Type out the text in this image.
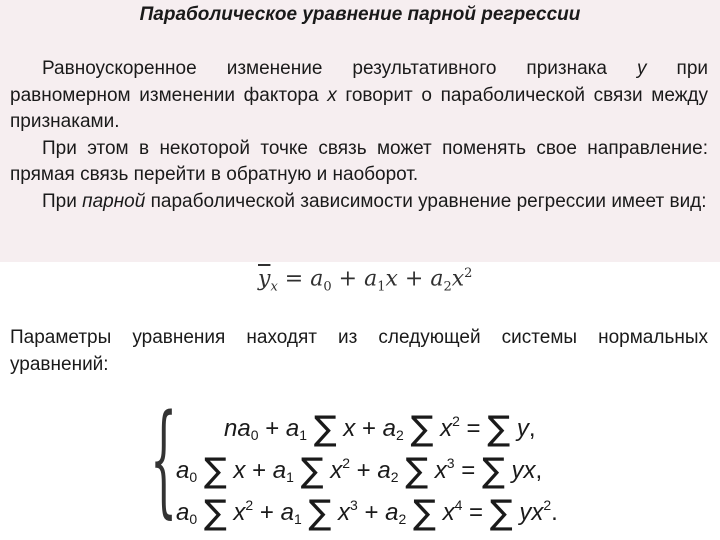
Параболическое уравнение парной регрессии
Равноускоренное изменение результативного признака у при равномерном изменении фактора х говорит о параболической связи между признаками.
При этом в некоторой точке связь может поменять свое направление: прямая связь перейти в обратную и наоборот.
При парной параболической зависимости уравнение регрессии имеет вид:
$\overline{y}_x = a_0 + a_1x + a_2x^2$
Параметры уравнения находят из следующей системы нормальных уравнений:
{ $na_0 + a_1$ ∑ $x + a_2$ ∑ $x^2$ = ∑ y,
$a_0$ ∑ $x + a_1$ ∑ $x^2 + a_2$ ∑ $x^3$ = ∑ yx,
$a_0$ ∑ $x^2 + a_1$ ∑ $x^3 + a_2$ ∑ $x^4$ = ∑ $yx^2$.
